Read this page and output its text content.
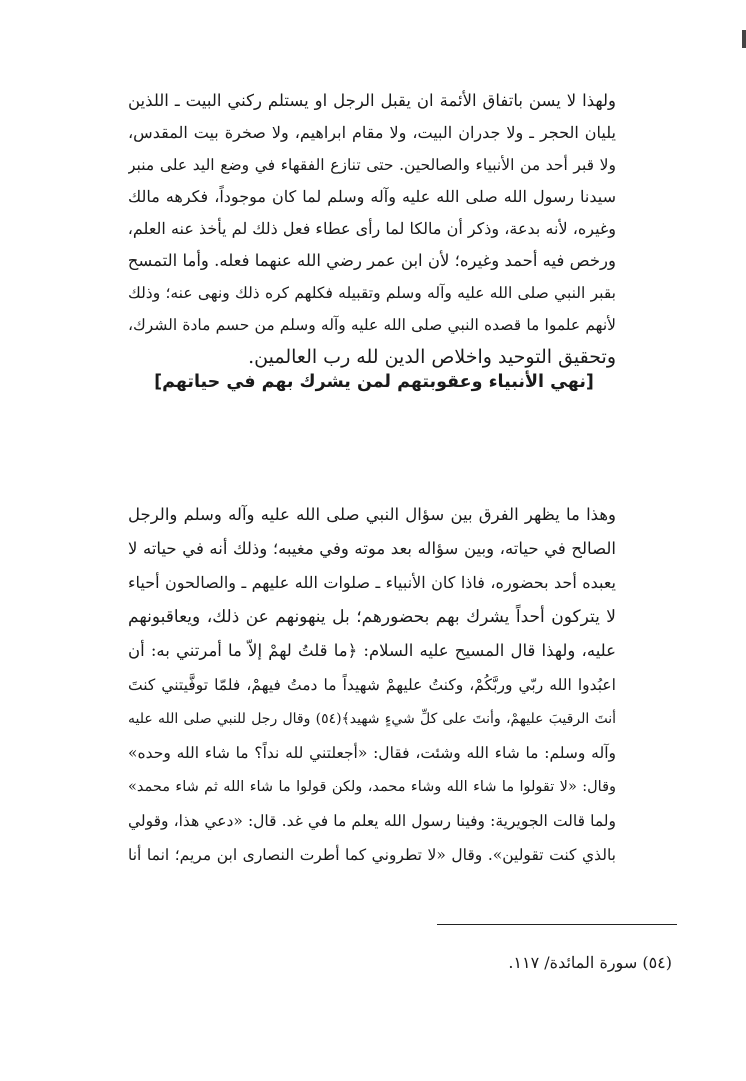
ولهذا لا يسن باتفاق الأئمة ان يقبل الرجل او يستلم ركني البيت ـ اللذين
يليان الحجر ـ ولا جدران البيت، ولا مقام ابراهيم، ولا صخرة بيت المقدس،
ولا قبر أحد من الأنبياء والصالحين. حتى تنازع الفقهاء في وضع اليد على منبر
سيدنا رسول الله صلى الله عليه وآله وسلم لما كان موجوداً، فكرهه مالك
وغيره، لأنه بدعة، وذكر أن مالكا لما رأى عطاء فعل ذلك لم يأخذ عنه العلم،
ورخص فيه أحمد وغيره؛ لأن ابن عمر رضي الله عنهما فعله. وأما التمسح
بقبر النبي صلى الله عليه وآله وسلم وتقبيله فكلهم كره ذلك ونهى عنه؛ وذلك
لأنهم علموا ما قصده النبي صلى الله عليه وآله وسلم من حسم مادة الشرك،
وتحقيق التوحيد واخلاص الدين لله رب العالمين.
[نهي الأنبياء وعقوبتهم لمن يشرك بهم في حياتهم]
وهذا ما يظهر الفرق بين سؤال النبي صلى الله عليه وآله وسلم والرجل
الصالح في حياته، وبين سؤاله بعد موته وفي مغيبه؛ وذلك أنه في حياته لا
يعبده أحد بحضوره، فاذا كان الأنبياء ـ صلوات الله عليهم ـ والصالحون أحياء
لا يتركون أحداً يشرك بهم بحضورهم؛ بل ينهونهم عن ذلك، ويعاقبونهم
عليه، ولهذا قال المسيح عليه السلام: ﴿ما قلتُ لهمْ إلاّ ما أمرتني به: أن
اعبُدوا الله ربّي وربَّكُمْ، وكنتُ عليهمْ شهيداً ما دمتُ فيهمْ، فلمّا توفَّيتني كنتَ
أنتَ الرقيبَ عليهمْ، وأنتَ على كلِّ شيءٍ شهيد﴾(٥٤) وقال رجل للنبي صلى الله عليه
وآله وسلم: ما شاء الله وشئت، فقال: «أجعلتني لله نداً؟ ما شاء الله وحده»
وقال: «لا تقولوا ما شاء الله وشاء محمد، ولكن قولوا ما شاء الله ثم شاء محمد»
ولما قالت الجويرية: وفينا رسول الله يعلم ما في غد. قال: «دعي هذا، وقولي
بالذي كنت تقولين». وقال «لا تطروني كما أطرت النصارى ابن مريم؛ انما أنا
(٥٤) سورة المائدة/ ١١٧.
